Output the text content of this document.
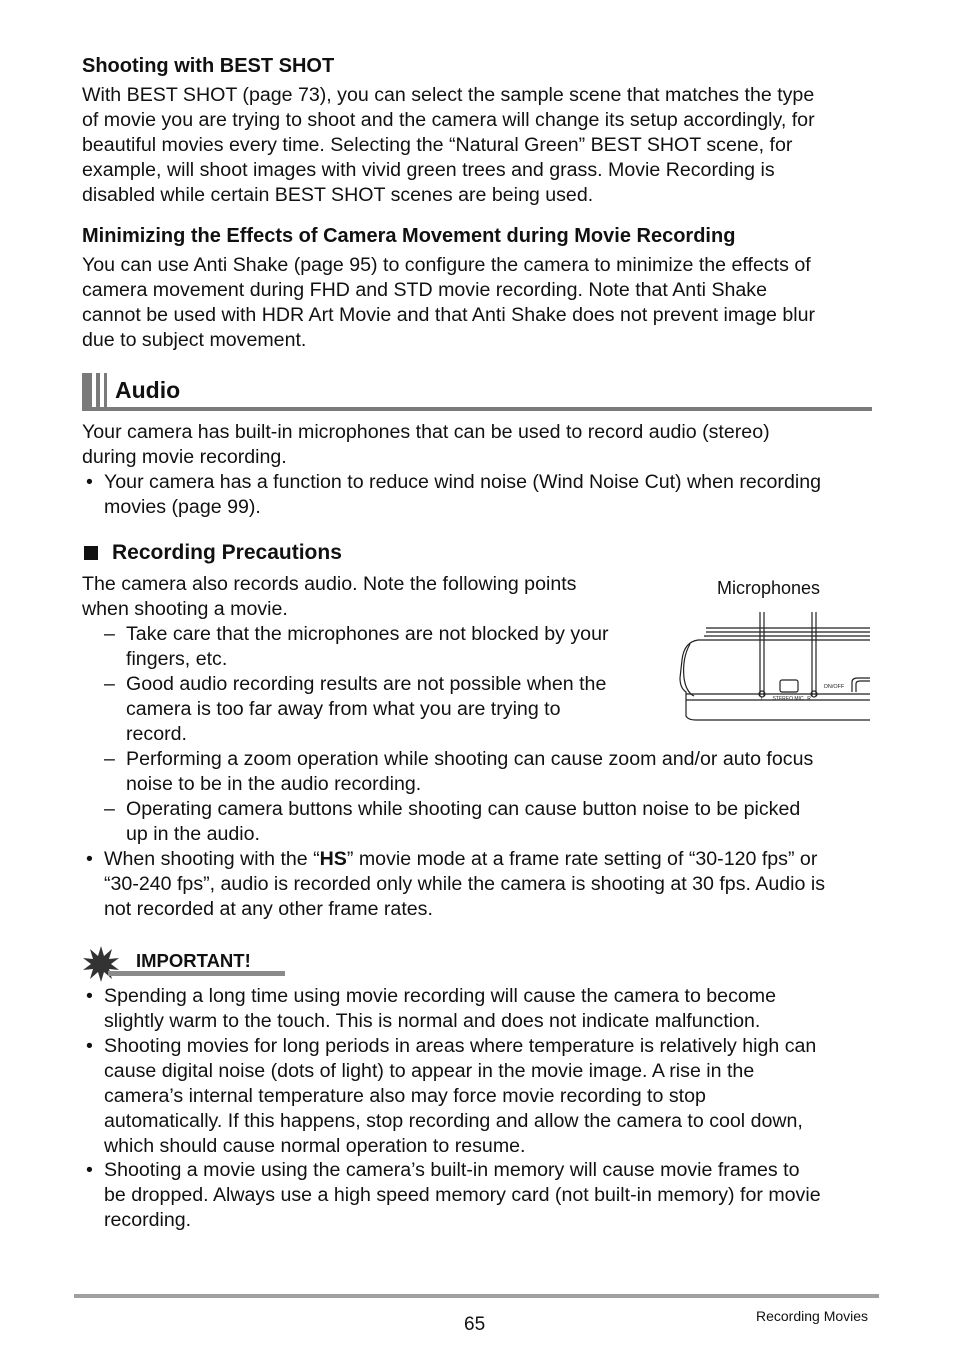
Shooting with BEST SHOT
With BEST SHOT (page 73), you can select the sample scene that matches the type
of movie you are trying to shoot and the camera will change its setup accordingly, for
beautiful movies every time. Selecting the “Natural Green” BEST SHOT scene, for
example, will shoot images with vivid green trees and grass. Movie Recording is
disabled while certain BEST SHOT scenes are being used.
Minimizing the Effects of Camera Movement during Movie Recording
You can use Anti Shake (page 95) to configure the camera to minimize the effects of
camera movement during FHD and STD movie recording. Note that Anti Shake
cannot be used with HDR Art Movie and that Anti Shake does not prevent image blur
due to subject movement.
Audio
Your camera has built-in microphones that can be used to record audio (stereo)
during movie recording.
• Your camera has a function to reduce wind noise (Wind Noise Cut) when recording
movies (page 99).
Recording Precautions
The camera also records audio. Note the following points
when shooting a movie.
– Take care that the microphones are not blocked by your
fingers, etc.
– Good audio recording results are not possible when the
camera is too far away from what you are trying to
record.
– Performing a zoom operation while shooting can cause zoom and/or auto focus
noise to be in the audio recording.
– Operating camera buttons while shooting can cause button noise to be picked
up in the audio.
• When shooting with the “HS” movie mode at a frame rate setting of “30-120 fps” or
“30-240 fps”, audio is recorded only while the camera is shooting at 30 fps. Audio is
not recorded at any other frame rates.
Microphones
L STEREO MIC R
ON/OFF
IMPORTANT!
• Spending a long time using movie recording will cause the camera to become
slightly warm to the touch. This is normal and does not indicate malfunction.
• Shooting movies for long periods in areas where temperature is relatively high can
cause digital noise (dots of light) to appear in the movie image. A rise in the
camera’s internal temperature also may force movie recording to stop
automatically. If this happens, stop recording and allow the camera to cool down,
which should cause normal operation to resume.
• Shooting a movie using the camera’s built-in memory will cause movie frames to
be dropped. Always use a high speed memory card (not built-in memory) for movie
recording.
65	Recording Movies
